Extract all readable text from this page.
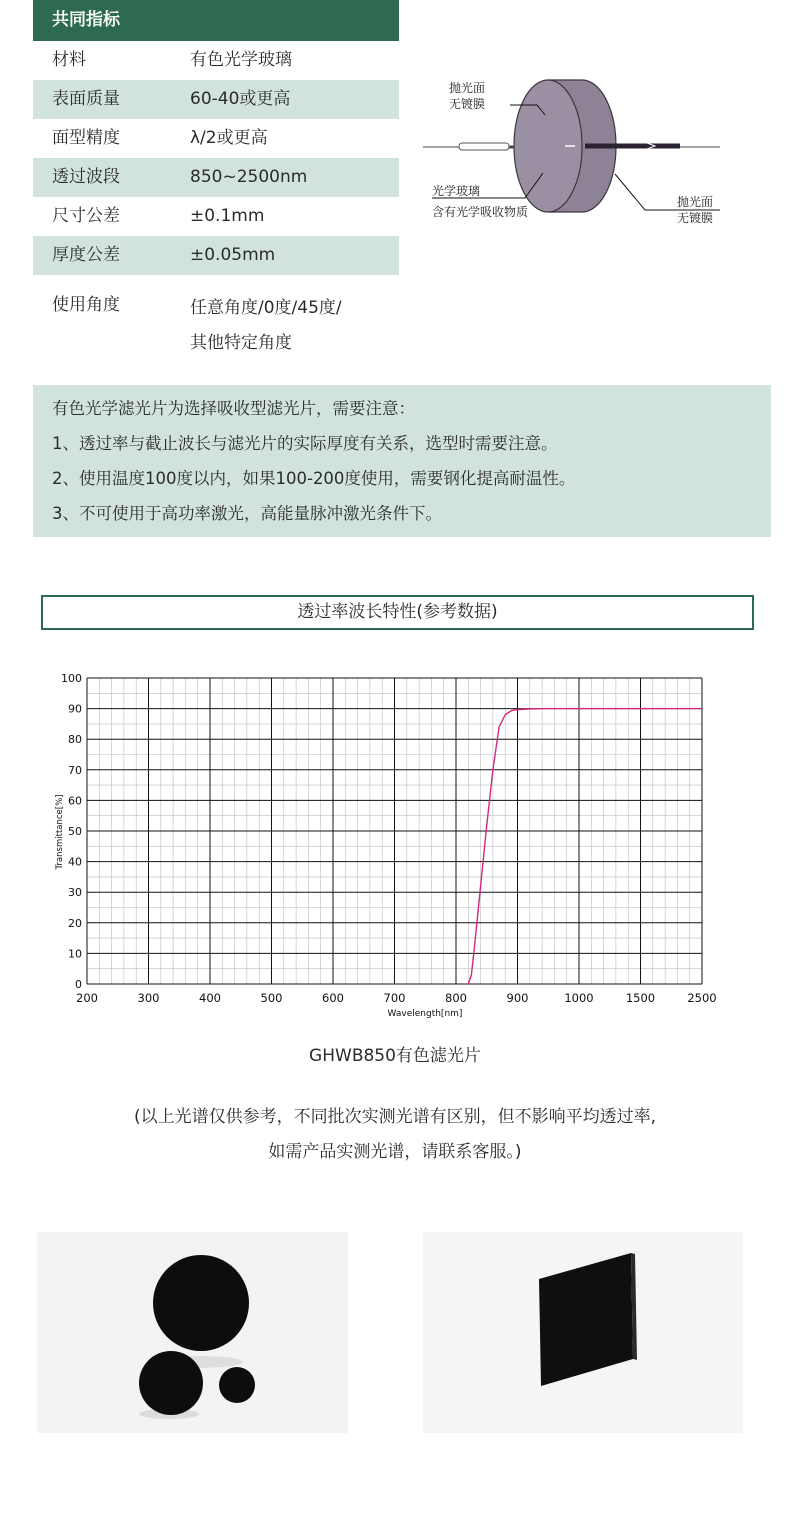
共同指标
材料	有色光学玻璃
表面质量	60-40或更高
面型精度	λ/2或更高
透过波段	850~2500nm
尺寸公差	±0.1mm
厚度公差	±0.05mm
使用角度	任意角度/0度/45度/
其他特定角度
抛光面
无镀膜
光学玻璃
含有光学吸收物质
抛光面
无镀膜
有色光学滤光片为选择吸收型滤光片，需要注意：
1、透过率与截止波长与滤光片的实际厚度有关系，选型时需要注意。
2、使用温度100度以内，如果100-200度使用，需要钢化提高耐温性。
3、不可使用于高功率激光，高能量脉冲激光条件下。
透过率波长特性(参考数据)
0
10
20
30
40
50
60
70
80
90
100
200	300	400	500	600	700	800	900	1000	1500	2500
Transmittance[%]
Wavelength[nm]
GHWB850有色滤光片
(以上光谱仅供参考，不同批次实测光谱有区别，但不影响平均透过率,
如需产品实测光谱，请联系客服。)
